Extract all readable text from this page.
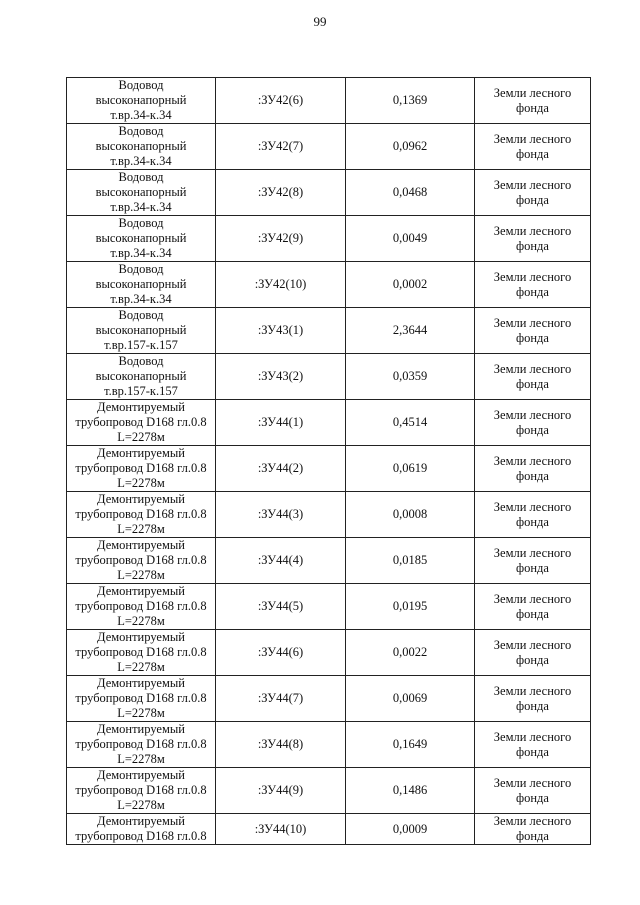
99
Водовод
высоконапорный
т.вр.34-к.34	:ЗУ42(6)	0,1369	Земли лесного
фонда

Водовод
высоконапорный
т.вр.34-к.34	:ЗУ42(7)	0,0962	Земли лесного
фонда

Водовод
высоконапорный
т.вр.34-к.34	:ЗУ42(8)	0,0468	Земли лесного
фонда

Водовод
высоконапорный
т.вр.34-к.34	:ЗУ42(9)	0,0049	Земли лесного
фонда

Водовод
высоконапорный
т.вр.34-к.34	:ЗУ42(10)	0,0002	Земли лесного
фонда

Водовод
высоконапорный
т.вр.157-к.157	:ЗУ43(1)	2,3644	Земли лесного
фонда

Водовод
высоконапорный
т.вр.157-к.157	:ЗУ43(2)	0,0359	Земли лесного
фонда

Демонтируемый
трубопровод D168 гл.0.8
L=2278м	:ЗУ44(1)	0,4514	Земли лесного
фонда

Демонтируемый
трубопровод D168 гл.0.8
L=2278м	:ЗУ44(2)	0,0619	Земли лесного
фонда

Демонтируемый
трубопровод D168 гл.0.8
L=2278м	:ЗУ44(3)	0,0008	Земли лесного
фонда

Демонтируемый
трубопровод D168 гл.0.8
L=2278м	:ЗУ44(4)	0,0185	Земли лесного
фонда

Демонтируемый
трубопровод D168 гл.0.8
L=2278м	:ЗУ44(5)	0,0195	Земли лесного
фонда

Демонтируемый
трубопровод D168 гл.0.8
L=2278м	:ЗУ44(6)	0,0022	Земли лесного
фонда

Демонтируемый
трубопровод D168 гл.0.8
L=2278м	:ЗУ44(7)	0,0069	Земли лесного
фонда

Демонтируемый
трубопровод D168 гл.0.8
L=2278м	:ЗУ44(8)	0,1649	Земли лесного
фонда

Демонтируемый
трубопровод D168 гл.0.8
L=2278м	:ЗУ44(9)	0,1486	Земли лесного
фонда

Демонтируемый
трубопровод D168 гл.0.8	:ЗУ44(10)	0,0009	Земли лесного
фонда
